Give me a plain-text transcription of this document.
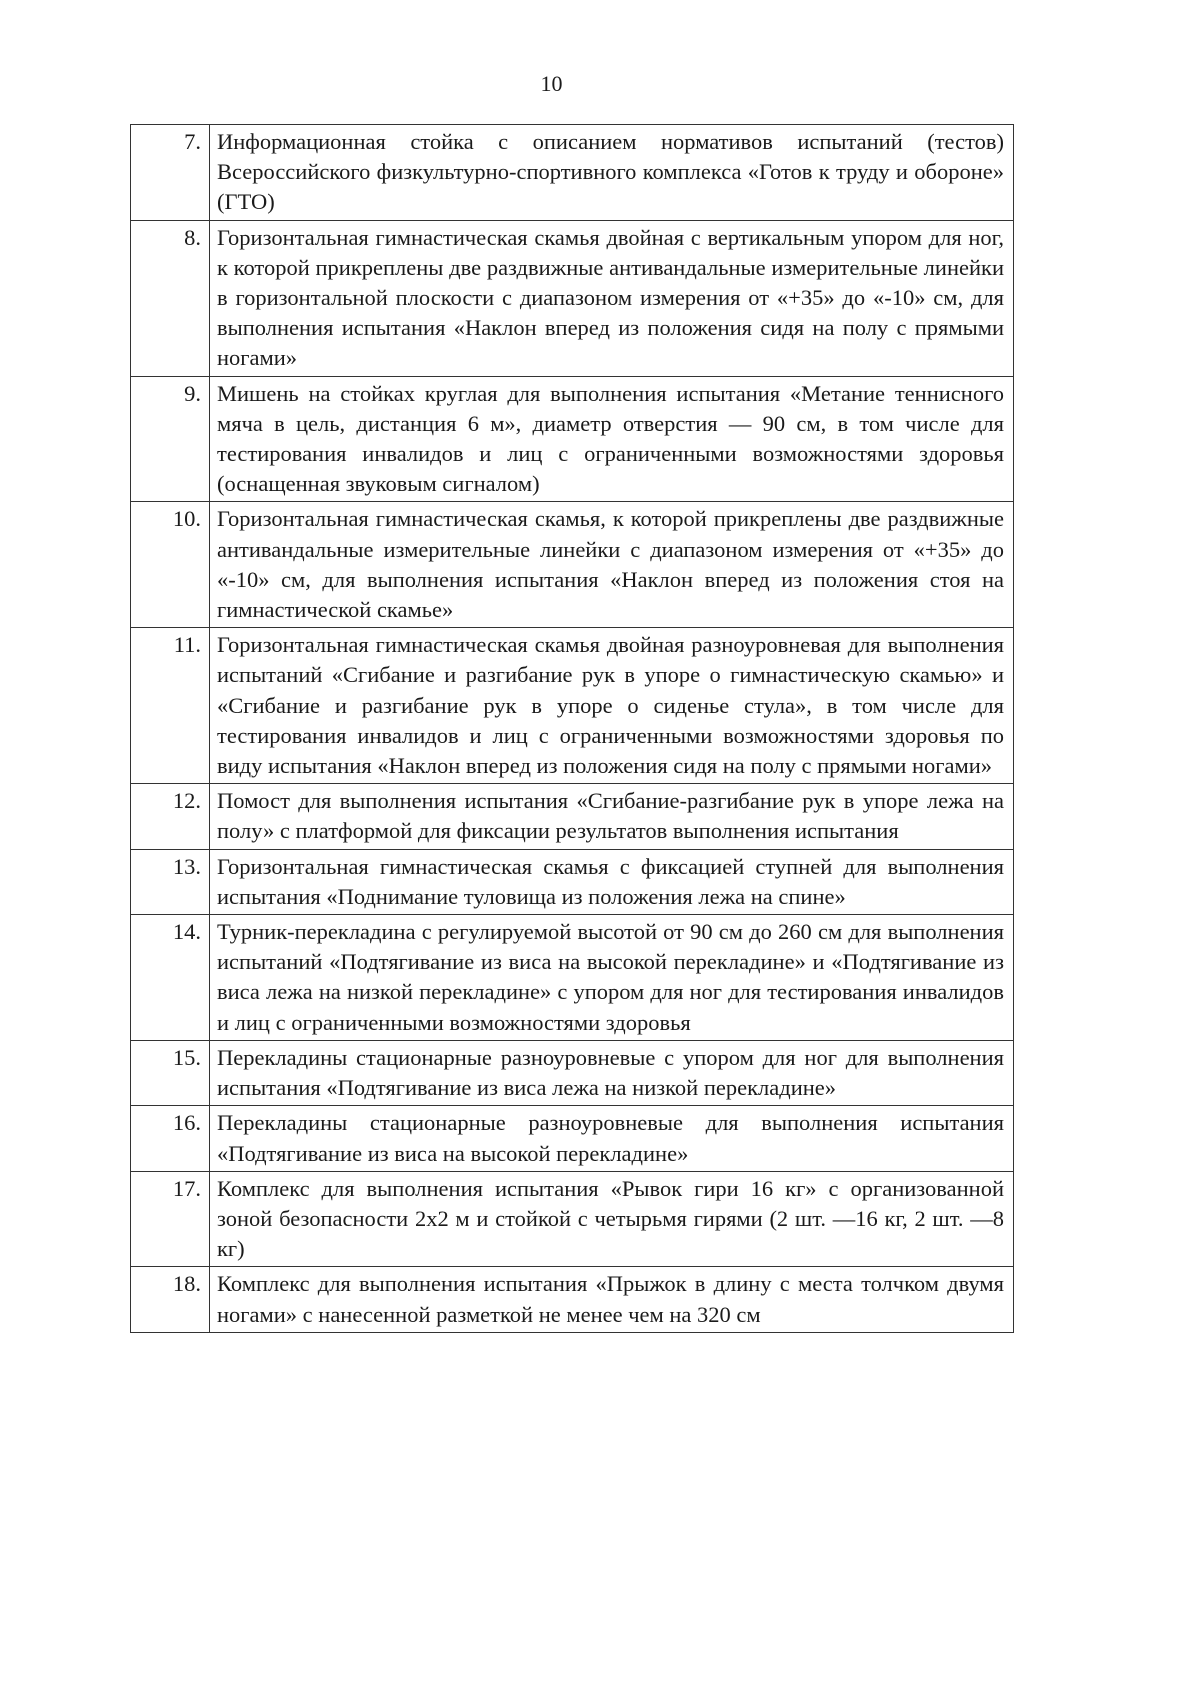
10
7.	Информационная стойка с описанием нормативов испытаний (тестов) Всероссийского физкультурно-спортивного комплекса «Готов к труду и обороне» (ГТО)
8.	Горизонтальная гимнастическая скамья двойная с вертикальным упором для ног, к которой прикреплены две раздвижные антивандальные измерительные линейки в горизонтальной плоскости с диапазоном измерения от «+35» до «-10» см, для выполнения испытания «Наклон вперед из положения сидя на полу с прямыми ногами»
9.	Мишень на стойках круглая для выполнения испытания «Метание теннисного мяча в цель, дистанция 6 м», диаметр отверстия — 90 см, в том числе для тестирования инвалидов и лиц с ограниченными возможностями здоровья (оснащенная звуковым сигналом)
10.	Горизонтальная гимнастическая скамья, к которой прикреплены две раздвижные антивандальные измерительные линейки с диапазоном измерения от «+35» до «-10» см, для выполнения испытания «Наклон вперед из положения стоя на гимнастической скамье»
11.	Горизонтальная гимнастическая скамья двойная разноуровневая для выполнения испытаний «Сгибание и разгибание рук в упоре о гимнастическую скамью» и «Сгибание и разгибание рук в упоре о сиденье стула», в том числе для тестирования инвалидов и лиц с ограниченными возможностями здоровья по виду испытания «Наклон вперед из положения сидя на полу с прямыми ногами»
12.	Помост для выполнения испытания «Сгибание-разгибание рук в упоре лежа на полу» с платформой для фиксации результатов выполнения испытания
13.	Горизонтальная гимнастическая скамья с фиксацией ступней для выполнения испытания «Поднимание туловища из положения лежа на спине»
14.	Турник-перекладина с регулируемой высотой от 90 см до 260 см для выполнения испытаний «Подтягивание из виса на высокой перекладине» и «Подтягивание из виса лежа на низкой перекладине» с упором для ног для тестирования инвалидов и лиц с ограниченными возможностями здоровья
15.	Перекладины стационарные разноуровневые с упором для ног для выполнения испытания «Подтягивание из виса лежа на низкой перекладине»
16.	Перекладины стационарные разноуровневые для выполнения испытания «Подтягивание из виса на высокой перекладине»
17.	Комплекс для выполнения испытания «Рывок гири 16 кг» с организованной зоной безопасности 2х2 м и стойкой с четырьмя гирями (2 шт. —16 кг, 2 шт. —8 кг)
18.	Комплекс для выполнения испытания «Прыжок в длину с места толчком двумя ногами» с нанесенной разметкой не менее чем на 320 см
